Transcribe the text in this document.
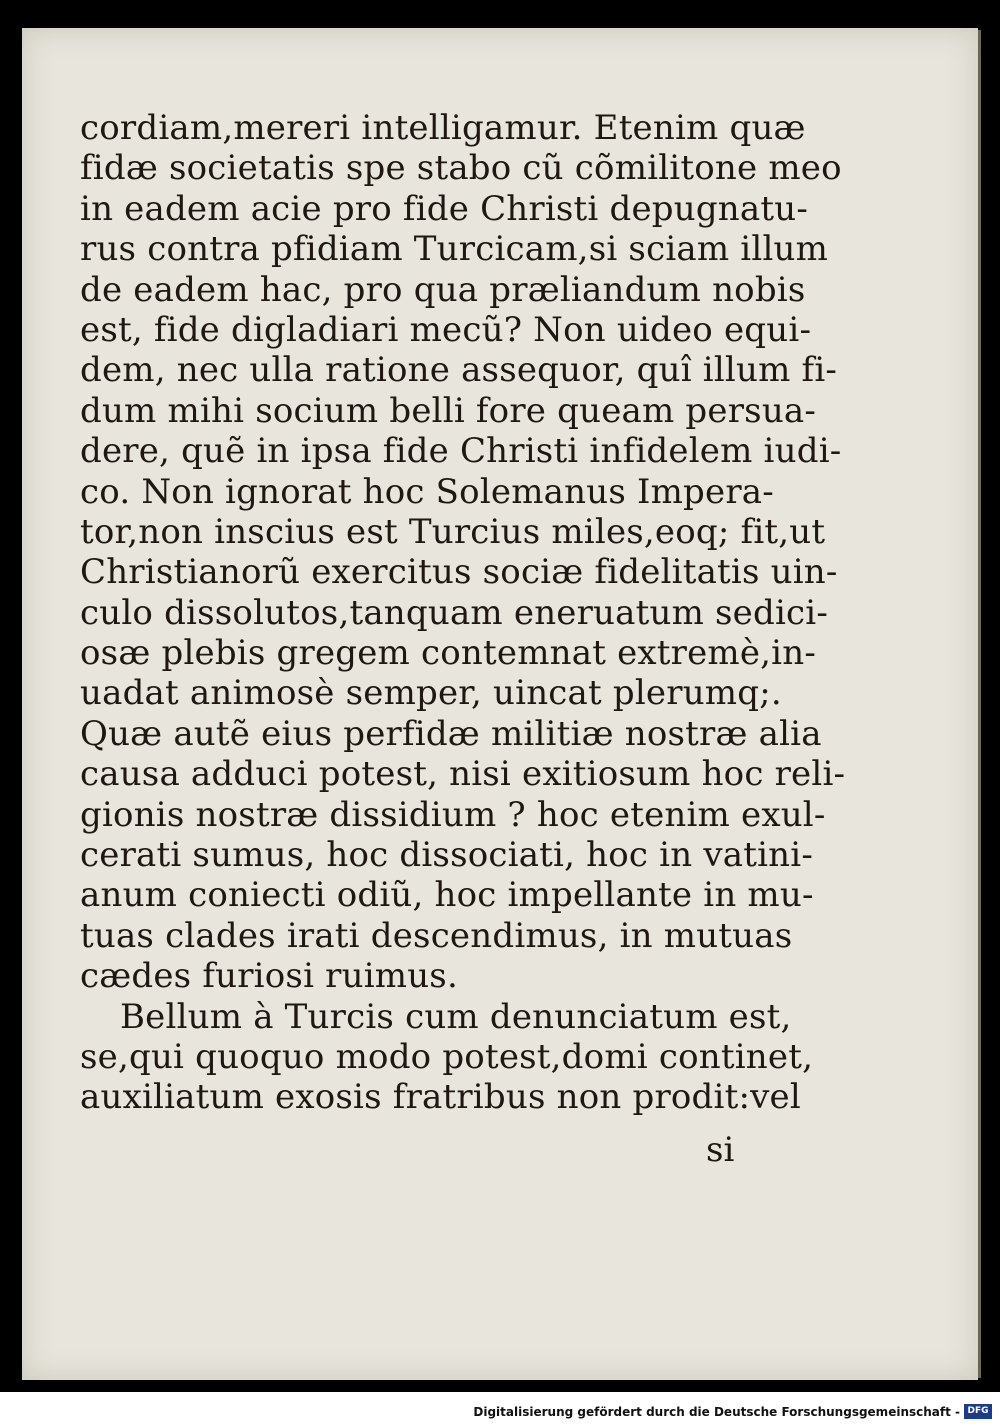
cordiam,mereri intelligamur. Etenim quæ
fidæ societatis spe stabo cũ cõmilitone meo
in eadem acie pro fide Christi depugnatu-
rus contra pfidiam Turcicam,si sciam illum
de eadem hac, pro qua præliandum nobis
est, fide digladiari mecũ? Non uideo equi-
dem, nec ulla ratione assequor, quî illum fi-
dum mihi socium belli fore queam persua-
dere, quẽ in ipsa fide Christi infidelem iudi-
co. Non ignorat hoc Solemanus Impera-
tor,non inscius est Turcius miles,eoq; fit,ut
Christianorũ exercitus sociæ fidelitatis uin-
culo dissolutos,tanquam eneruatum sedici-
osæ plebis gregem contemnat extremè,in-
uadat animosè semper, uincat plerumq;.
Quæ autẽ eius perfidæ militiæ nostræ alia
causa adduci potest, nisi exitiosum hoc reli-
gionis nostræ dissidium ? hoc etenim exul-
cerati sumus, hoc dissociati, hoc in vatini-
anum coniecti odiũ, hoc impellante in mu-
tuas clades irati descendimus, in mutuas
cædes furiosi ruimus.
Bellum à Turcis cum denunciatum est,
se,qui quoquo modo potest,domi continet,
auxiliatum exosis fratribus non prodit:vel
si
Digitalisierung gefördert durch die Deutsche Forschungsgemeinschaft - DFG
